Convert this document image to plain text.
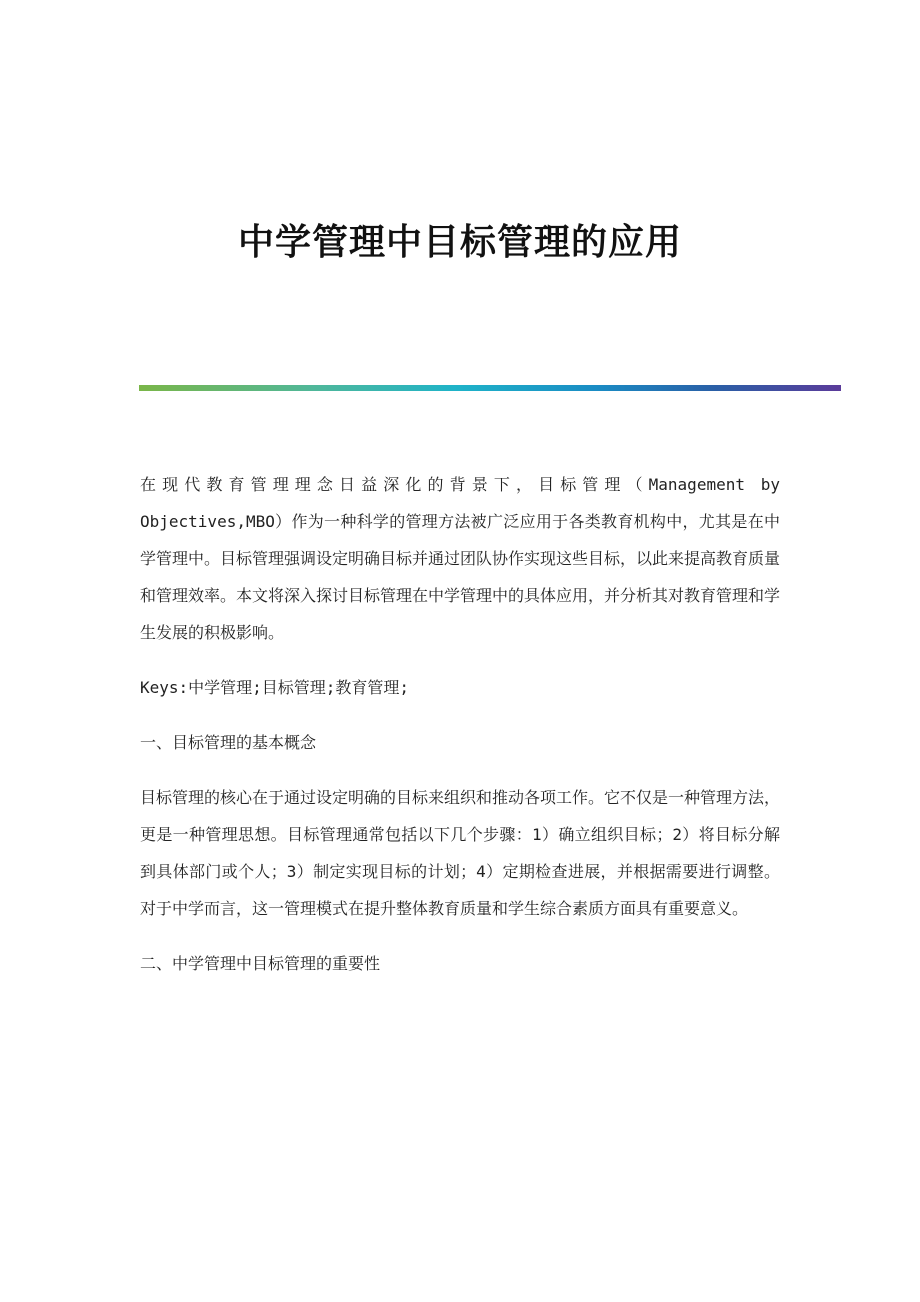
中学管理中目标管理的应用

在现代教育管理理念日益深化的背景下，目标管理（Management by Objectives,MBO）作为一种科学的管理方法被广泛应用于各类教育机构中，尤其是在中学管理中。目标管理强调设定明确目标并通过团队协作实现这些目标，以此来提高教育质量和管理效率。本文将深入探讨目标管理在中学管理中的具体应用，并分析其对教育管理和学生发展的积极影响。

Keys:中学管理;目标管理;教育管理;

一、目标管理的基本概念

目标管理的核心在于通过设定明确的目标来组织和推动各项工作。它不仅是一种管理方法，更是一种管理思想。目标管理通常包括以下几个步骤：1）确立组织目标；2）将目标分解到具体部门或个人；3）制定实现目标的计划；4）定期检查进展，并根据需要进行调整。对于中学而言，这一管理模式在提升整体教育质量和学生综合素质方面具有重要意义。

二、中学管理中目标管理的重要性
